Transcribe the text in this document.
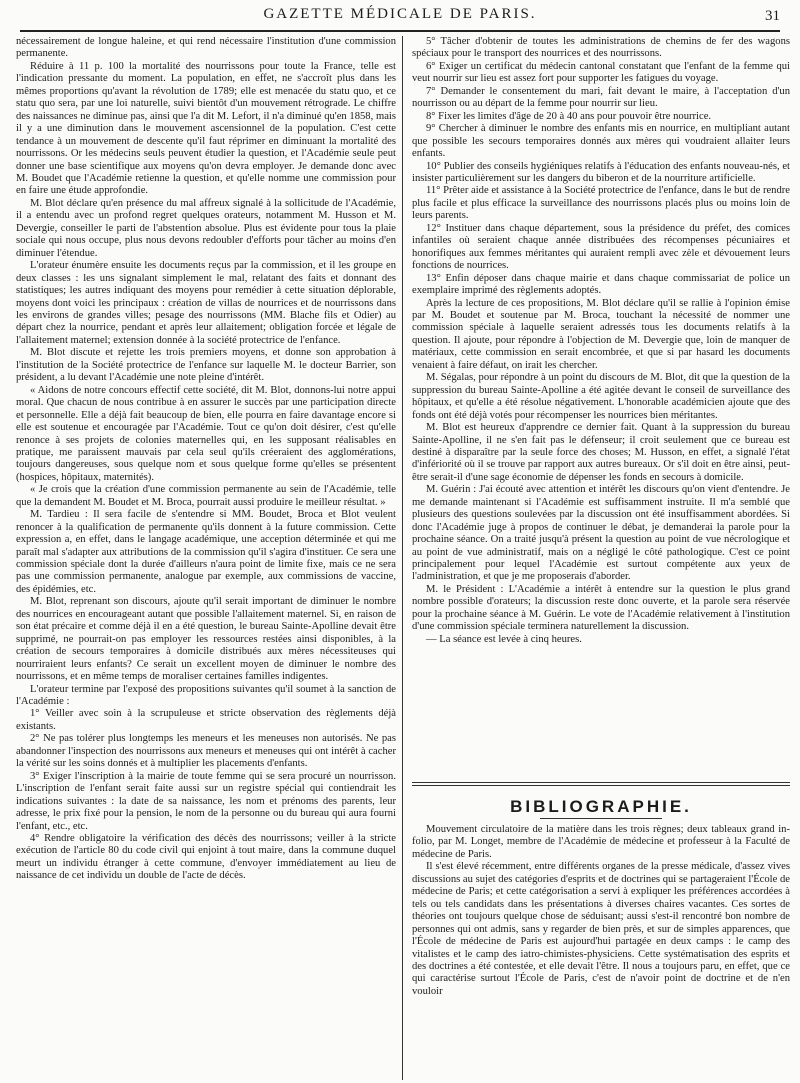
GAZETTE MÉDICALE DE PARIS.	31

nécessairement de longue haleine, et qui rend nécessaire l'institution d'une commission permanente.

Réduire à 11 p. 100 la mortalité des nourrissons pour toute la France, telle est l'indication pressante du moment. La population, en effet, ne s'accroît plus dans les mêmes proportions qu'avant la révolution de 1789; elle est menacée du statu quo, et ce statu quo sera, par une loi naturelle, suivi bientôt d'un mouvement rétrograde. Le chiffre des naissances ne diminue pas, ainsi que l'a dit M. Lefort, il n'a diminué qu'en 1858, mais il y a une diminution dans le mouvement ascensionnel de la population. C'est cette tendance à un mouvement de descente qu'il faut réprimer en diminuant la mortalité des nourrissons. Or les médecins seuls peuvent étudier la question, et l'Académie seule peut donner une base scientifique aux moyens qu'on devra employer. Je demande donc avec M. Boudet que l'Académie retienne la question, et qu'elle nomme une commission pour en faire une étude approfondie.

M. Blot déclare qu'en présence du mal affreux signalé à la sollicitude de l'Académie, il a entendu avec un profond regret quelques orateurs, notamment M. Husson et M. Devergie, conseiller le parti de l'abstention absolue. Plus est évidente pour tous la plaie sociale qui nous occupe, plus nous devons redoubler d'efforts pour tâcher au moins d'en diminuer l'étendue.

L'orateur énumère ensuite les documents reçus par la commission, et il les groupe en deux classes : les uns signalant simplement le mal, relatant des faits et donnant des statistiques; les autres indiquant des moyens pour remédier à cette situation déplorable, moyens dont voici les principaux : création de villas de nourrices et de nourrissons dans les environs de grandes villes; pesage des nourrissons (MM. Blache fils et Odier) au départ chez la nourrice, pendant et après leur allaitement; obligation forcée et légale de l'allaitement maternel; extension donnée à la société protectrice de l'enfance.

M. Blot discute et rejette les trois premiers moyens, et donne son approbation à l'institution de la Société protectrice de l'enfance sur laquelle M. le docteur Barrier, son président, a lu devant l'Académie une note pleine d'intérêt.

« Aidons de notre concours effectif cette société, dit M. Blot, donnons-lui notre appui moral. Que chacun de nous contribue à en assurer le succès par une participation directe et personnelle. Elle a déjà fait beaucoup de bien, elle pourra en faire davantage encore si elle est soutenue et encouragée par l'Académie. Tout ce qu'on doit désirer, c'est qu'elle renonce à ses projets de colonies maternelles qui, en les supposant réalisables en pratique, me paraissent mauvais par cela seul qu'ils créeraient des agglomérations, toujours dangereuses, sous quelque nom et sous quelque forme qu'elles se présentent (hospices, hôpitaux, maternités).

« Je crois que la création d'une commission permanente au sein de l'Académie, telle que la demandent M. Boudet et M. Broca, pourrait aussi produire le meilleur résultat. »

M. Tardieu : Il sera facile de s'entendre si MM. Boudet, Broca et Blot veulent renoncer à la qualification de permanente qu'ils donnent à la future commission. Cette expression a, en effet, dans le langage académique, une acception déterminée et qui me paraît mal s'adapter aux attributions de la commission qu'il s'agira d'instituer. Ce sera une commission spéciale dont la durée d'ailleurs n'aura point de limite fixe, mais ce ne sera pas une commission permanente, analogue par exemple, aux commissions de vaccine, des épidémies, etc.

M. Blot, reprenant son discours, ajoute qu'il serait important de diminuer le nombre des nourrices en encourageant autant que possible l'allaitement maternel. Si, en raison de son état précaire et comme déjà il en a été question, le bureau Sainte-Apolline devait être supprimé, ne pourrait-on pas employer les ressources restées ainsi disponibles, à la création de secours temporaires à domicile distribués aux mères nécessiteuses qui nourriraient leurs enfants? Ce serait un excellent moyen de diminuer le nombre des nourrissons, et en même temps de moraliser certaines familles indigentes.

L'orateur termine par l'exposé des propositions suivantes qu'il soumet à la sanction de l'Académie :

1° Veiller avec soin à la scrupuleuse et stricte observation des règlements déjà existants.

2° Ne pas tolérer plus longtemps les meneurs et les meneuses non autorisés. Ne pas abandonner l'inspection des nourrissons aux meneurs et meneuses qui ont intérêt à cacher la vérité sur les soins donnés et à multiplier les placements d'enfants.

3° Exiger l'inscription à la mairie de toute femme qui se sera procuré un nourrisson. L'inscription de l'enfant serait faite aussi sur un registre spécial qui contiendrait les indications suivantes : la date de sa naissance, les nom et prénoms des parents, leur adresse, le prix fixé pour la pension, le nom de la personne ou du bureau qui aura fourni l'enfant, etc., etc.

4° Rendre obligatoire la vérification des décès des nourrissons; veiller à la stricte exécution de l'article 80 du code civil qui enjoint à tout maire, dans la commune duquel meurt un individu étranger à cette commune, d'envoyer immédiatement au lieu de naissance de cet individu un double de l'acte de décès.

5° Tâcher d'obtenir de toutes les administrations de chemins de fer des wagons spéciaux pour le transport des nourrices et des nourrissons.

6° Exiger un certificat du médecin cantonal constatant que l'enfant de la femme qui veut nourrir sur lieu est assez fort pour supporter les fatigues du voyage.

7° Demander le consentement du mari, fait devant le maire, à l'acceptation d'un nourrisson ou au départ de la femme pour nourrir sur lieu.

8° Fixer les limites d'âge de 20 à 40 ans pour pouvoir être nourrice.

9° Chercher à diminuer le nombre des enfants mis en nourrice, en multipliant autant que possible les secours temporaires donnés aux mères qui voudraient allaiter leurs enfants.

10° Publier des conseils hygiéniques relatifs à l'éducation des enfants nouveau-nés, et insister particulièrement sur les dangers du biberon et de la nourriture artificielle.

11° Prêter aide et assistance à la Société protectrice de l'enfance, dans le but de rendre plus facile et plus efficace la surveillance des nourrissons placés plus ou moins loin de leurs parents.

12° Instituer dans chaque département, sous la présidence du préfet, des comices infantiles où seraient chaque année distribuées des récompenses pécuniaires et honorifiques aux femmes méritantes qui auraient rempli avec zèle et dévouement leurs fonctions de nourrices.

13° Enfin déposer dans chaque mairie et dans chaque commissariat de police un exemplaire imprimé des règlements adoptés.

Après la lecture de ces propositions, M. Blot déclare qu'il se rallie à l'opinion émise par M. Boudet et soutenue par M. Broca, touchant la nécessité de nommer une commission spéciale à laquelle seraient adressés tous les documents relatifs à la question. Il ajoute, pour répondre à l'objection de M. Devergie que, loin de manquer de matériaux, cette commission en serait encombrée, et que si par hasard les documents venaient à faire défaut, on irait les chercher.

M. Ségalas, pour répondre à un point du discours de M. Blot, dit que la question de la suppression du bureau Sainte-Apolline a été agitée devant le conseil de surveillance des hôpitaux, et qu'elle a été résolue négativement. L'honorable académicien ajoute que des fonds ont été déjà votés pour récompenser les nourrices bien méritantes.

M. Blot est heureux d'apprendre ce dernier fait. Quant à la suppression du bureau Sainte-Apolline, il ne s'en fait pas le défenseur; il croit seulement que ce bureau est destiné à disparaître par la seule force des choses; M. Husson, en effet, a signalé l'état d'infériorité où il se trouve par rapport aux autres bureaux. Or s'il doit en être ainsi, peut-être serait-il d'une sage économie de dépenser les fonds en secours à domicile.

M. Guérin : J'ai écouté avec attention et intérêt les discours qu'on vient d'entendre. Je me demande maintenant si l'Académie est suffisamment instruite. Il m'a semblé que plusieurs des questions soulevées par la discussion ont été insuffisamment abordées. Si donc l'Académie juge à propos de continuer le débat, je demanderai la parole pour la prochaine séance. On a traité jusqu'à présent la question au point de vue nécrologique et au point de vue administratif, mais on a négligé le côté pathologique. C'est ce point principalement pour lequel l'Académie est surtout compétente aux yeux de l'administration, et que je me proposerais d'aborder.

M. le Président : L'Académie a intérêt à entendre sur la question le plus grand nombre possible d'orateurs; la discussion reste donc ouverte, et la parole sera réservée pour la prochaine séance à M. Guérin. Le vote de l'Académie relativement à l'institution d'une commission spéciale terminera naturellement la discussion.

— La séance est levée à cinq heures.

BIBLIOGRAPHIE.

Mouvement circulatoire de la matière dans les trois règnes; deux tableaux grand in-folio, par M. Longet, membre de l'Académie de médecine et professeur à la Faculté de médecine de Paris.

Il s'est élevé récemment, entre différents organes de la presse médicale, d'assez vives discussions au sujet des catégories d'esprits et de doctrines qui se partageraient l'École de médecine de Paris; et cette catégorisation a servi à expliquer les préférences accordées à tels ou tels candidats dans les présentations à diverses chaires vacantes. Ces sortes de théories ont toujours quelque chose de séduisant; aussi s'est-il rencontré bon nombre de personnes qui ont admis, sans y regarder de bien près, et sur de simples apparences, que l'École de médecine de Paris est aujourd'hui partagée en deux camps : le camp des vitalistes et le camp des iatro-chimistes-physiciens. Cette systématisation des esprits et des doctrines a été contestée, et elle devait l'être. Il nous a toujours paru, en effet, que ce qui caractérise surtout l'École de Paris, c'est de n'avoir point de doctrine et de n'en vouloir
